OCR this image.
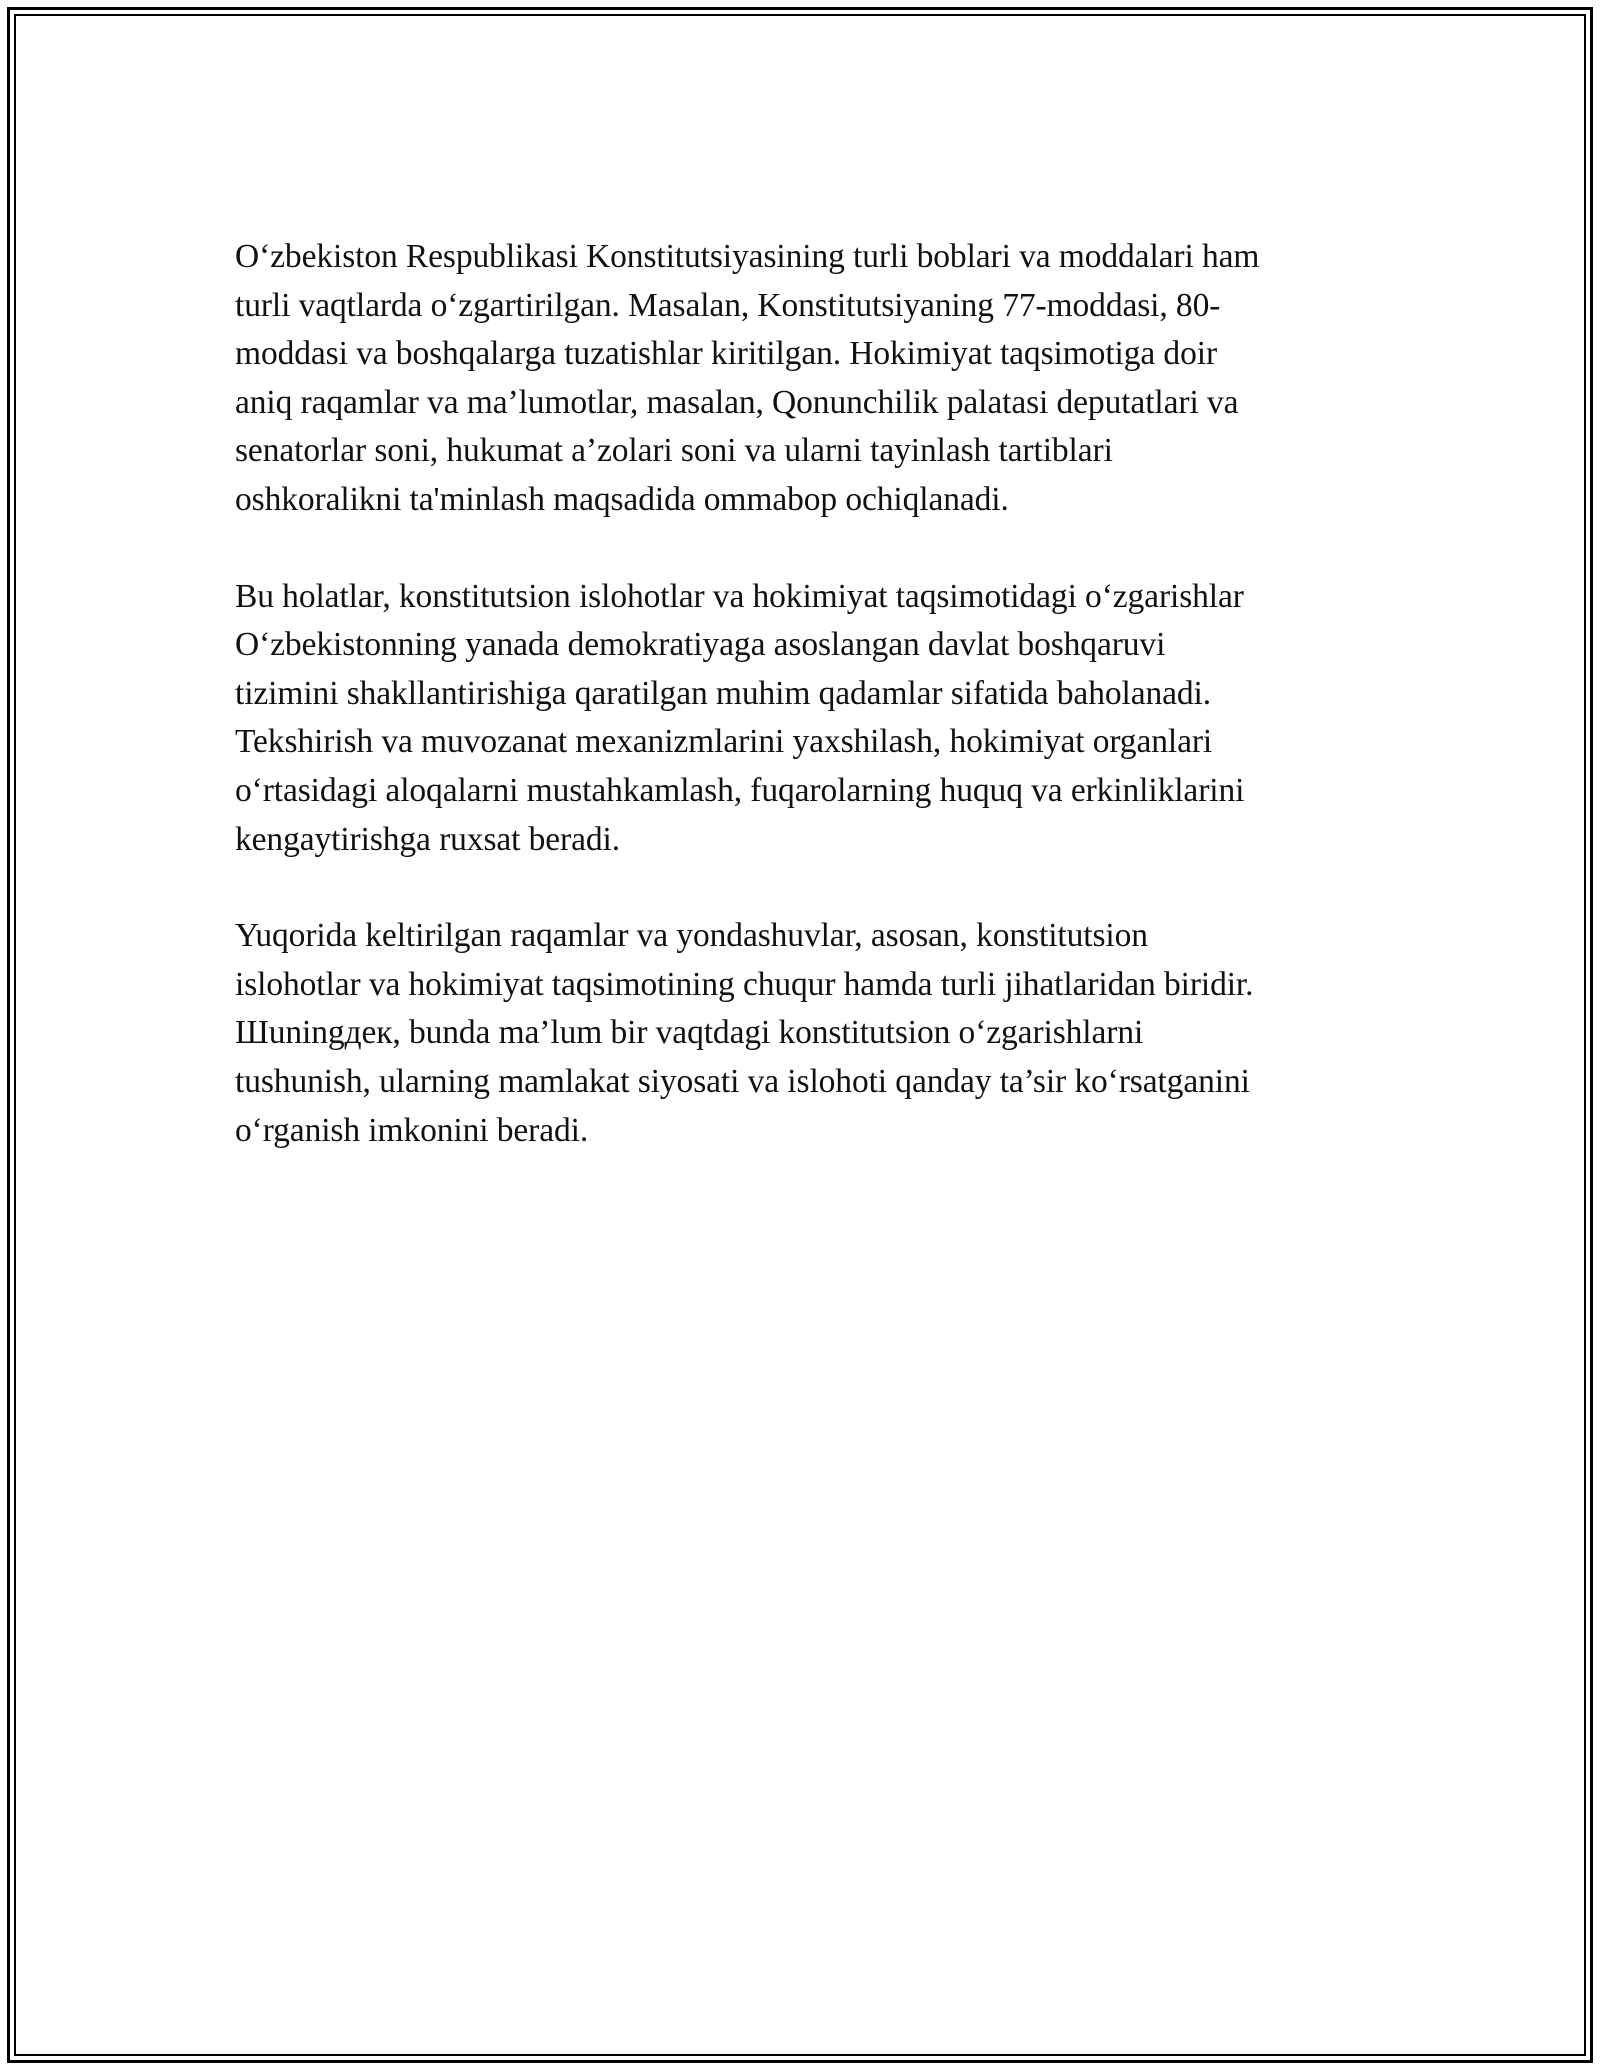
O‘zbekiston Respublikasi Konstitutsiyasining turli boblari va moddalari ham
turli vaqtlarda o‘zgartirilgan. Masalan, Konstitutsiyaning 77-moddasi, 80-
moddasi va boshqalarga tuzatishlar kiritilgan. Hokimiyat taqsimotiga doir
aniq raqamlar va ma’lumotlar, masalan, Qonunchilik palatasi deputatlari va
senatorlar soni, hukumat a’zolari soni va ularni tayinlash tartiblari
oshkoralikni ta'minlash maqsadida ommabop ochiqlanadi.

Bu holatlar, konstitutsion islohotlar va hokimiyat taqsimotidagi o‘zgarishlar
O‘zbekistonning yanada demokratiyaga asoslangan davlat boshqaruvi
tizimini shakllantirishiga qaratilgan muhim qadamlar sifatida baholanadi.
Tekshirish va muvozanat mexanizmlarini yaxshilash, hokimiyat organlari
o‘rtasidagi aloqalarni mustahkamlash, fuqarolarning huquq va erkinliklarini
kengaytirishga ruxsat beradi.

Yuqorida keltirilgan raqamlar va yondashuvlar, asosan, konstitutsion
islohotlar va hokimiyat taqsimotining chuqur hamda turli jihatlaridan biridir.
Шuningдeк, bunda ma’lum bir vaqtdagi konstitutsion o‘zgarishlarni
tushunish, ularning mamlakat siyosati va islohoti qanday ta’sir ko‘rsatganini
o‘rganish imkonini beradi.
